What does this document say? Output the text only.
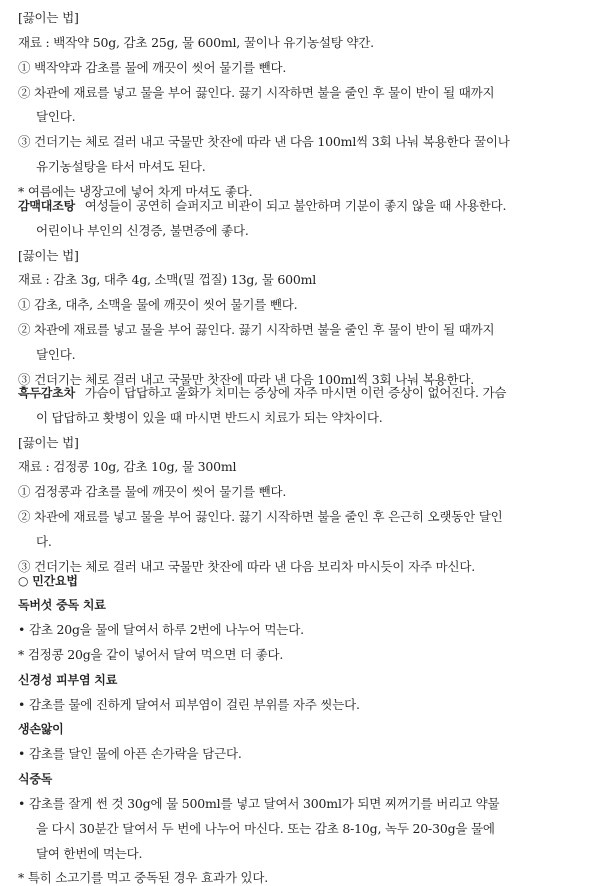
[끓이는 법]
재료 : 백작약 50g, 감초 25g, 물 600ml, 꿀이나 유기농설탕 약간.
① 백작약과 감초를 물에 깨끗이 씻어 물기를 뺀다.
② 차관에 재료를 넣고 물을 부어 끓인다. 끓기 시작하면 불을 줄인 후 물이 반이 될 때까지
달인다.
③ 건더기는 체로 걸러 내고 국물만 찻잔에 따라 낸 다음 100ml씩 3회 나눠 복용한다 꿀이나
유기농설탕을 타서 마셔도 된다.
* 여름에는 냉장고에 넣어 차게 마셔도 좋다.
감맥대조탕 여성들이 공연히 슬퍼지고 비관이 되고 불안하며 기분이 좋지 않을 때 사용한다.
어린이나 부인의 신경증, 불면증에 좋다.
[끓이는 법]
재료 : 감초 3g, 대추 4g, 소맥(밀 껍질) 13g, 물 600ml
① 감초, 대추, 소맥을 물에 깨끗이 씻어 물기를 뺀다.
② 차관에 재료를 넣고 물을 부어 끓인다. 끓기 시작하면 불을 줄인 후 물이 반이 될 때까지
달인다.
③ 건더기는 체로 걸러 내고 국물만 찻잔에 따라 낸 다음 100ml씩 3회 나눠 복용한다.
흑두감초차 가슴이 답답하고 울화가 치미는 증상에 자주 마시면 이런 증상이 없어진다. 가슴
이 답답하고 홧병이 있을 때 마시면 반드시 치료가 되는 약차이다.
[끓이는 법]
재료 : 검정콩 10g, 감초 10g, 물 300ml
① 검정콩과 감초를 물에 깨끗이 씻어 물기를 뺀다.
② 차관에 재료를 넣고 물을 부어 끓인다. 끓기 시작하면 불을 줄인 후 은근히 오랫동안 달인
다.
③ 건더기는 체로 걸러 내고 국물만 찻잔에 따라 낸 다음 보리차 마시듯이 자주 마신다.
○ 민간요법
독버섯 중독 치료
• 감초 20g을 물에 달여서 하루 2번에 나누어 먹는다.
* 검정콩 20g을 같이 넣어서 달여 먹으면 더 좋다.
신경성 피부염 치료
• 감초를 물에 진하게 달여서 피부염이 걸린 부위를 자주 씻는다.
생손앓이
• 감초를 달인 물에 아픈 손가락을 담근다.
식중독
• 감초를 잘게 썬 것 30g에 물 500ml를 넣고 달여서 300ml가 되면 찌꺼기를 버리고 약물
을 다시 30분간 달여서 두 번에 나누어 마신다. 또는 감초 8-10g, 녹두 20-30g을 물에
달여 한번에 먹는다.
* 특히 소고기를 먹고 중독된 경우 효과가 있다.
